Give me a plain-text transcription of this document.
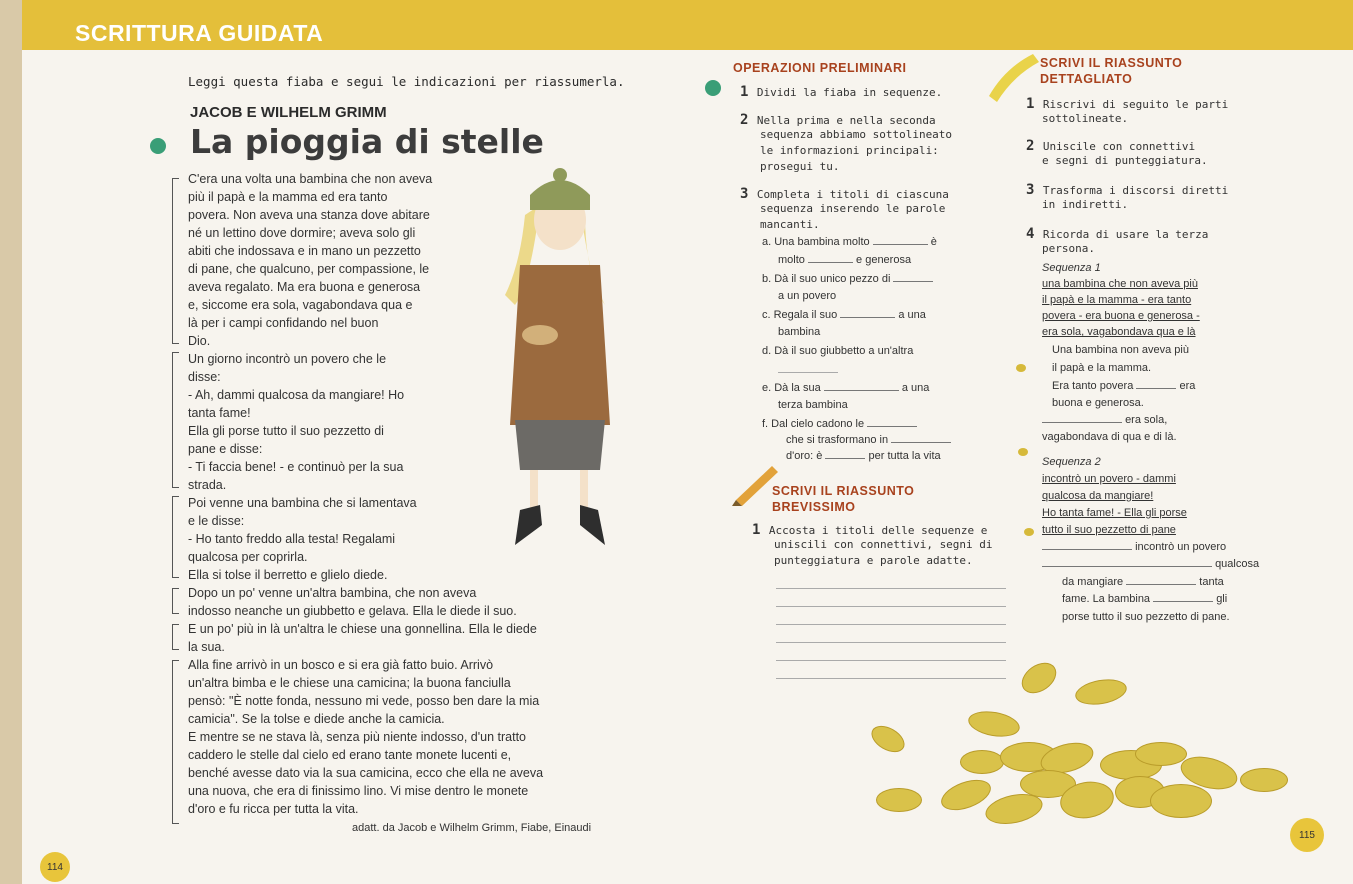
SCRITTURA GUIDATA
Leggi questa fiaba e segui le indicazioni per riassumerla.
JACOB E WILHELM GRIMM
La pioggia di stelle
C'era una volta una bambina che non aveva
più il papà e la mamma ed era tanto
povera. Non aveva una stanza dove abitare
né un lettino dove dormire; aveva solo gli
abiti che indossava e in mano un pezzetto
di pane, che qualcuno, per compassione, le
aveva regalato. Ma era buona e generosa
e, siccome era sola, vagabondava qua e
là per i campi confidando nel buon
Dio.
Un giorno incontrò un povero che le
disse:
- Ah, dammi qualcosa da mangiare! Ho
tanta fame!
Ella gli porse tutto il suo pezzetto di
pane e disse:
- Ti faccia bene! - e continuò per la sua
strada.
Poi venne una bambina che si lamentava
e le disse:
- Ho tanto freddo alla testa! Regalami
qualcosa per coprirla.
Ella si tolse il berretto e glielo diede.
Dopo un po' venne un'altra bambina, che non aveva
indosso neanche un giubbetto e gelava. Ella le diede il suo.
E un po' più in là un'altra le chiese una gonnellina. Ella le diede
la sua.
Alla fine arrivò in un bosco e si era già fatto buio. Arrivò
un'altra bimba e le chiese una camicina; la buona fanciulla
pensò: "È notte fonda, nessuno mi vede, posso ben dare la mia
camicia". Se la tolse e diede anche la camicia.
E mentre se ne stava là, senza più niente indosso, d'un tratto
caddero le stelle dal cielo ed erano tante monete lucenti e,
benché avesse dato via la sua camicina, ecco che ella ne aveva
una nuova, che era di finissimo lino. Vi mise dentro le monete
d'oro e fu ricca per tutta la vita.
adatt. da Jacob e Wilhelm Grimm, Fiabe, Einaudi
OPERAZIONI PRELIMINARI
1 Dividi la fiaba in sequenze.
2 Nella prima e nella seconda
sequenza abbiamo sottolineato
le informazioni principali:
prosegui tu.
3 Completa i titoli di ciascuna
sequenza inserendo le parole
mancanti.
a. Una bambina molto	è
molto	e generosa
b. Dà il suo unico pezzo di
a un povero
c. Regala il suo	a una
bambina
d. Dà il suo giubbetto a un'altra
e. Dà la sua	a una
terza bambina
f. Dal cielo cadono le
che si trasformano in
d'oro: è	per tutta la vita
SCRIVI IL RIASSUNTO
BREVISSIMO
1 Accosta i titoli delle sequenze e
uniscili con connettivi, segni di
punteggiatura e parole adatte.
SCRIVI IL RIASSUNTO
DETTAGLIATO
1 Riscrivi di seguito le parti
sottolineate.
2 Uniscile con connettivi
e segni di punteggiatura.
3 Trasforma i discorsi diretti
in indiretti.
4 Ricorda di usare la terza
persona.
Sequenza 1
una bambina che non aveva più
il papà e la mamma - era tanto
povera - era buona e generosa -
era sola, vagabondava qua e là
Una bambina non aveva più
il papà e la mamma.
Era tanto povera	era
buona e generosa.
era sola,
vagabondava di qua e di là.
Sequenza 2
incontrò un povero - dammi
qualcosa da mangiare!
Ho tanta fame! - Ella gli porse
tutto il suo pezzetto di pane
incontrò un povero
qualcosa
da mangiare	tanta
fame. La bambina	gli
porse tutto il suo pezzetto di pane.
115
114
